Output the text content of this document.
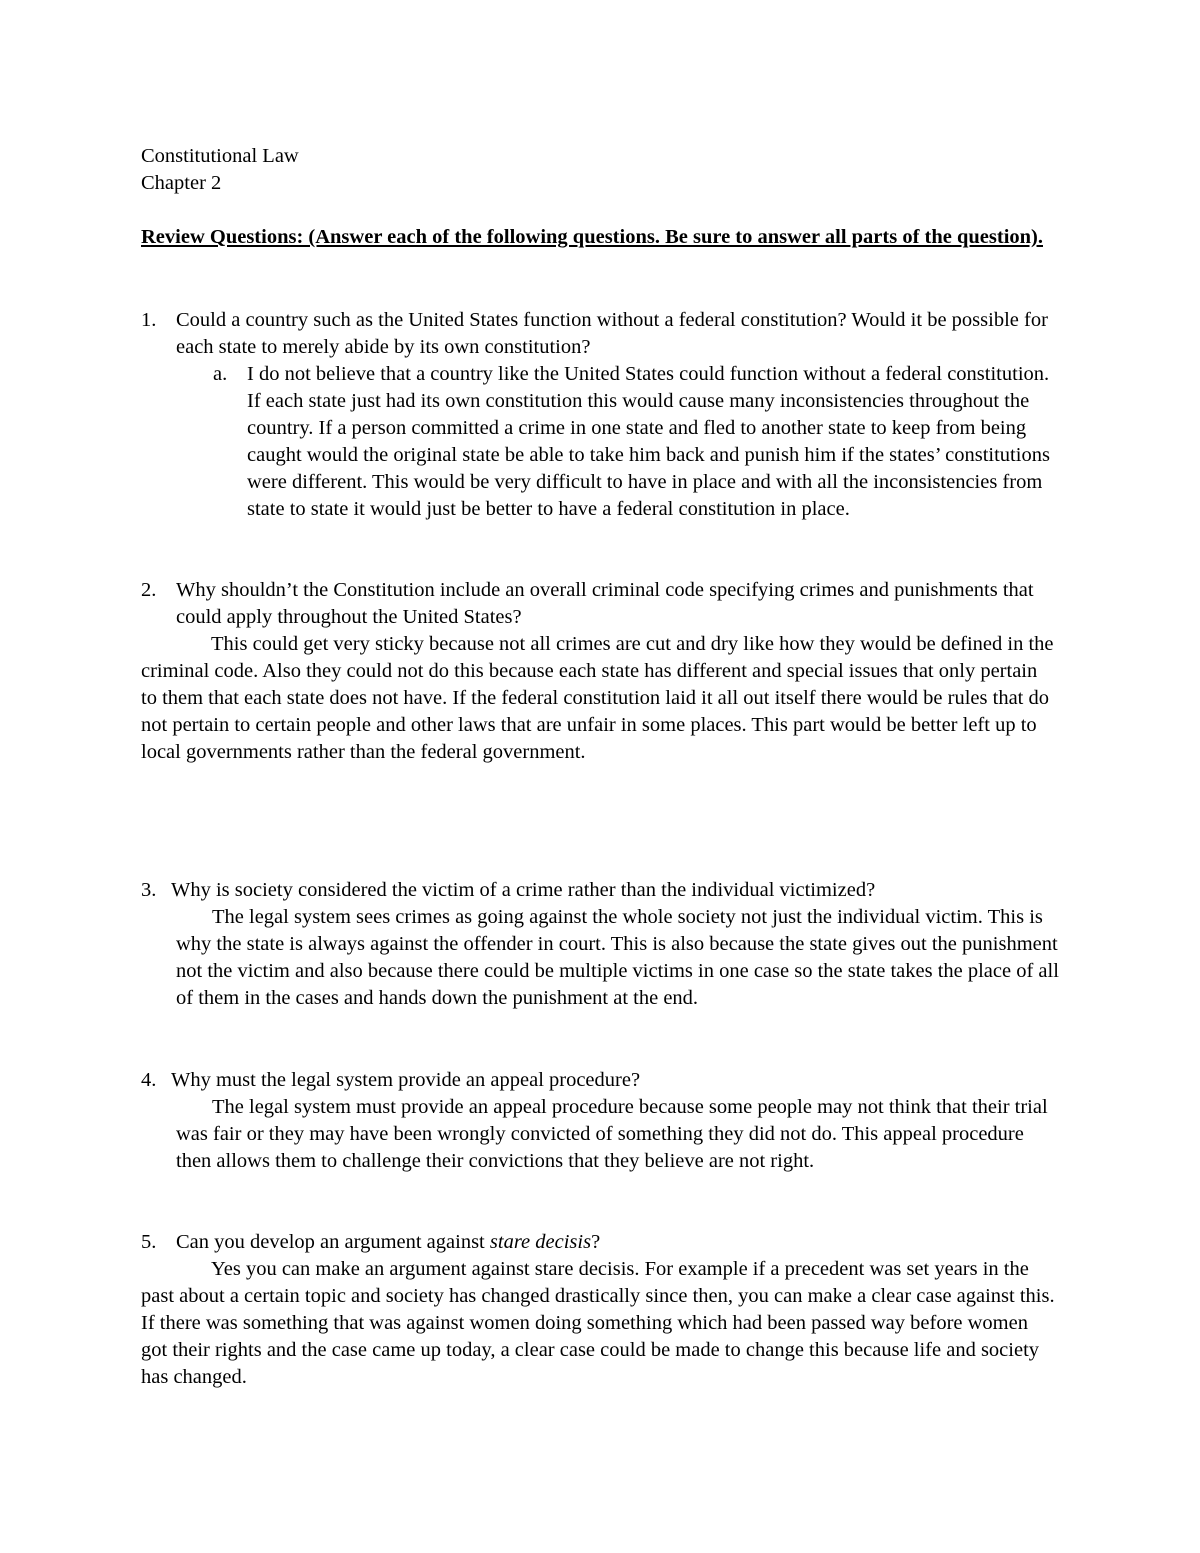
Constitutional Law

Chapter 2

Review Questions: (Answer each of the following questions. Be sure to answer all parts of the question).

1. Could a country such as the United States function without a federal constitution? Would it be possible for each state to merely abide by its own constitution?

a. I do not believe that a country like the United States could function without a federal constitution. If each state just had its own constitution this would cause many inconsistencies throughout the country. If a person committed a crime in one state and fled to another state to keep from being caught would the original state be able to take him back and punish him if the states’ constitutions were different. This would be very difficult to have in place and with all the inconsistencies from state to state it would just be better to have a federal constitution in place.

2. Why shouldn’t the Constitution include an overall criminal code specifying crimes and punishments that could apply throughout the United States?

This could get very sticky because not all crimes are cut and dry like how they would be defined in the criminal code. Also they could not do this because each state has different and special issues that only pertain to them that each state does not have. If the federal constitution laid it all out itself there would be rules that do not pertain to certain people and other laws that are unfair in some places. This part would be better left up to local governments rather than the federal government.

3. Why is society considered the victim of a crime rather than the individual victimized?

The legal system sees crimes as going against the whole society not just the individual victim. This is why the state is always against the offender in court. This is also because the state gives out the punishment not the victim and also because there could be multiple victims in one case so the state takes the place of all of them in the cases and hands down the punishment at the end.

4. Why must the legal system provide an appeal procedure?

The legal system must provide an appeal procedure because some people may not think that their trial was fair or they may have been wrongly convicted of something they did not do. This appeal procedure then allows them to challenge their convictions that they believe are not right.

5. Can you develop an argument against stare decisis?

Yes you can make an argument against stare decisis. For example if a precedent was set years in the past about a certain topic and society has changed drastically since then, you can make a clear case against this. If there was something that was against women doing something which had been passed way before women got their rights and the case came up today, a clear case could be made to change this because life and society has changed.
